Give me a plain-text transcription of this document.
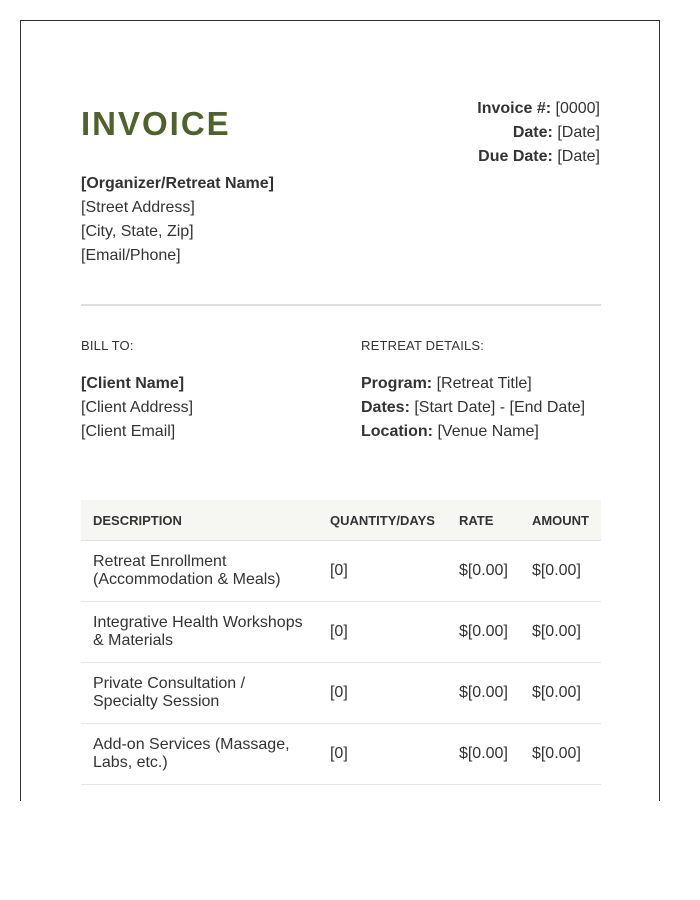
INVOICE	Invoice #: [0000]
Date: [Date]
Due Date: [Date]
[Organizer/Retreat Name]
[Street Address]
[City, State, Zip]
[Email/Phone]
BILL TO:	RETREAT DETAILS:
[Client Name]
[Client Address]
[Client Email]
Program: [Retreat Title]
Dates: [Start Date] - [End Date]
Location: [Venue Name]
DESCRIPTION	QUANTITY/DAYS	RATE	AMOUNT
Retreat Enrollment (Accommodation & Meals)	[0]	$[0.00]	$[0.00]
Integrative Health Workshops & Materials	[0]	$[0.00]	$[0.00]
Private Consultation / Specialty Session	[0]	$[0.00]	$[0.00]
Add-on Services (Massage, Labs, etc.)	[0]	$[0.00]	$[0.00]
